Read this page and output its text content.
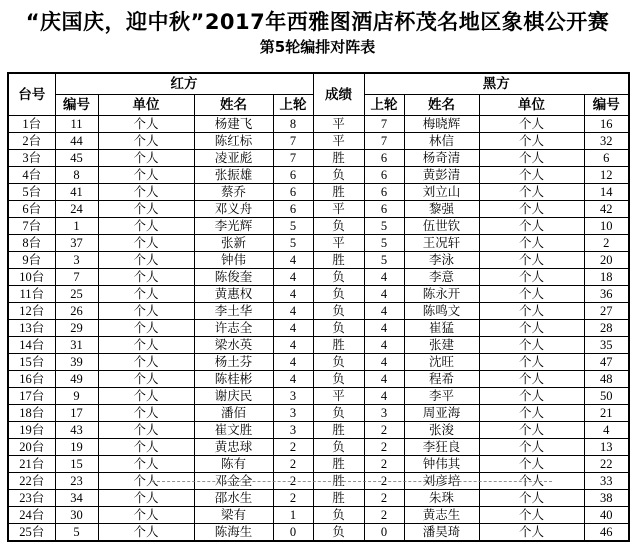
“庆国庆，迎中秋”2017年西雅图酒店杯茂名地区象棋公开赛
第5轮编排对阵表
台号	红方				成绩	黑方			
	编号	单位	姓名	上轮		上轮	姓名	单位	编号
1台	11	个人	杨建飞	8	平	7	梅晓辉	个人	16
2台	44	个人	陈红标	7	平	7	林信	个人	32
3台	45	个人	凌亚彪	7	胜	6	杨奇清	个人	6
4台	8	个人	张振雄	6	负	6	黄彭清	个人	12
5台	41	个人	蔡乔	6	胜	6	刘立山	个人	14
6台	24	个人	邓义舟	6	平	6	黎强	个人	42
7台	1	个人	李光辉	5	负	5	伍世钦	个人	10
8台	37	个人	张新	5	平	5	王况轩	个人	2
9台	3	个人	钟伟	4	胜	5	李泳	个人	20
10台	7	个人	陈俊奎	4	负	4	李意	个人	18
11台	25	个人	黄惠权	4	负	4	陈永开	个人	36
12台	26	个人	李土华	4	负	4	陈鸣文	个人	27
13台	29	个人	许志全	4	负	4	崔猛	个人	28
14台	31	个人	梁水英	4	胜	4	张建	个人	35
15台	39	个人	杨土芬	4	负	4	沈旺	个人	47
16台	49	个人	陈桂彬	4	负	4	程希	个人	48
17台	9	个人	谢庆民	3	平	4	李平	个人	50
18台	17	个人	潘佰	3	负	3	周亚海	个人	21
19台	43	个人	崔文胜	3	胜	2	张浚	个人	4
20台	19	个人	黄忠球	2	负	2	李狂良	个人	13
21台	15	个人	陈有	2	胜	2	钟伟其	个人	22
22台	23	个人	邓金全	2	胜	2	刘彦培	个人	33
23台	34	个人	邵水生	2	胜	2	朱珠	个人	38
24台	30	个人	梁有	1	负	2	黄志生	个人	40
25台	5	个人	陈海生	0	负	0	潘昊琦	个人	46
